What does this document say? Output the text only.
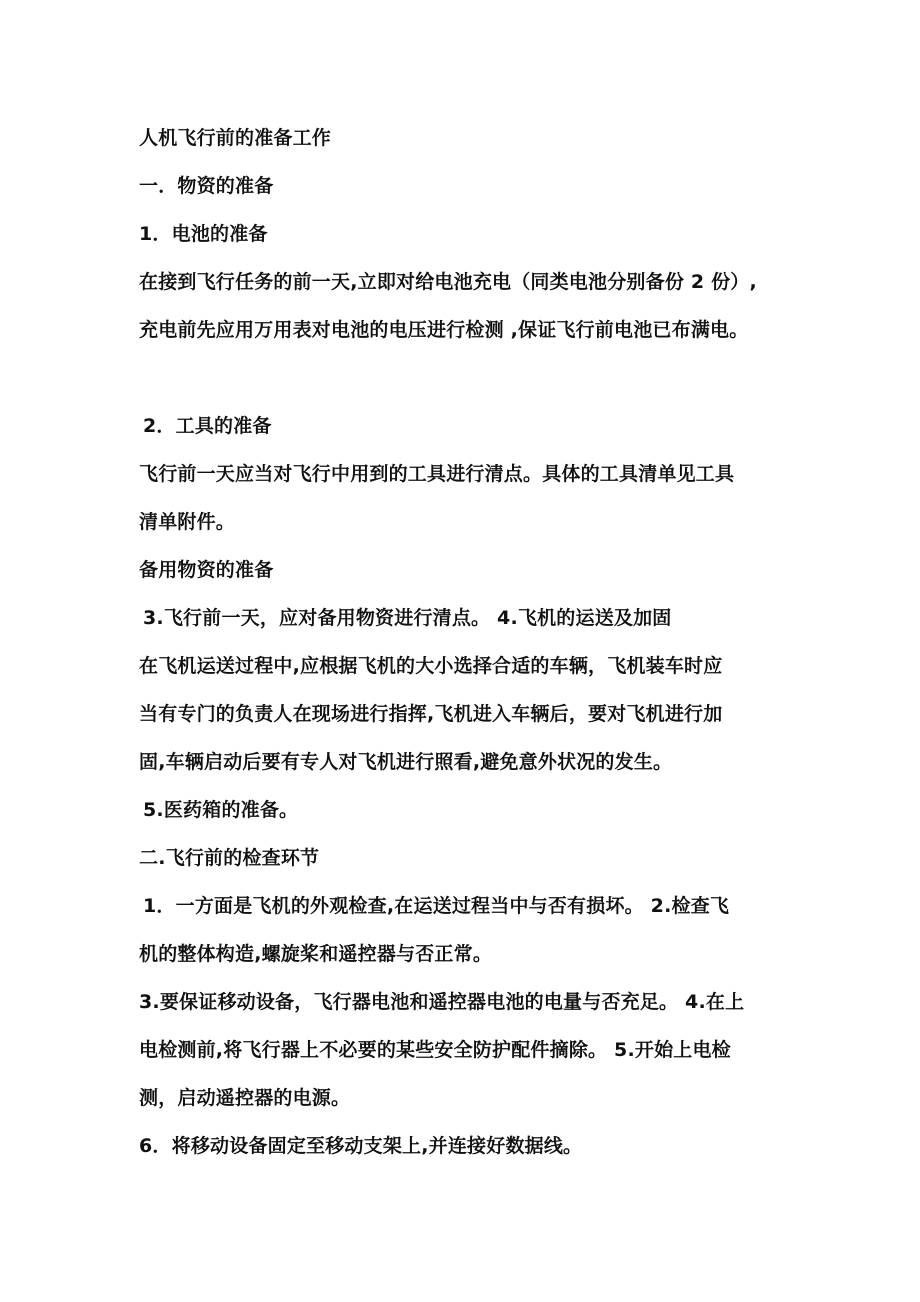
人机飞行前的准备工作
一．物资的准备
1．电池的准备
在接到飞行任务的前一天,立即对给电池充电（同类电池分别备份 2 份）,
充电前先应用万用表对电池的电压进行检测 ,保证飞行前电池已布满电。
2．工具的准备
飞行前一天应当对飞行中用到的工具进行清点。具体的工具清单见工具
清单附件。
备用物资的准备
3.飞行前一天，应对备用物资进行清点。 4.飞机的运送及加固
在飞机运送过程中,应根据飞机的大小选择合适的车辆，飞机装车时应
当有专门的负责人在现场进行指挥,飞机进入车辆后，要对飞机进行加
固,车辆启动后要有专人对飞机进行照看,避免意外状况的发生。
5.医药箱的准备。
二.飞行前的检查环节
1．一方面是飞机的外观检查,在运送过程当中与否有损坏。 2.检查飞
机的整体构造,螺旋桨和遥控器与否正常。
3.要保证移动设备，飞行器电池和遥控器电池的电量与否充足。 4.在上
电检测前,将飞行器上不必要的某些安全防护配件摘除。 5.开始上电检
测，启动遥控器的电源。
6．将移动设备固定至移动支架上,并连接好数据线。
